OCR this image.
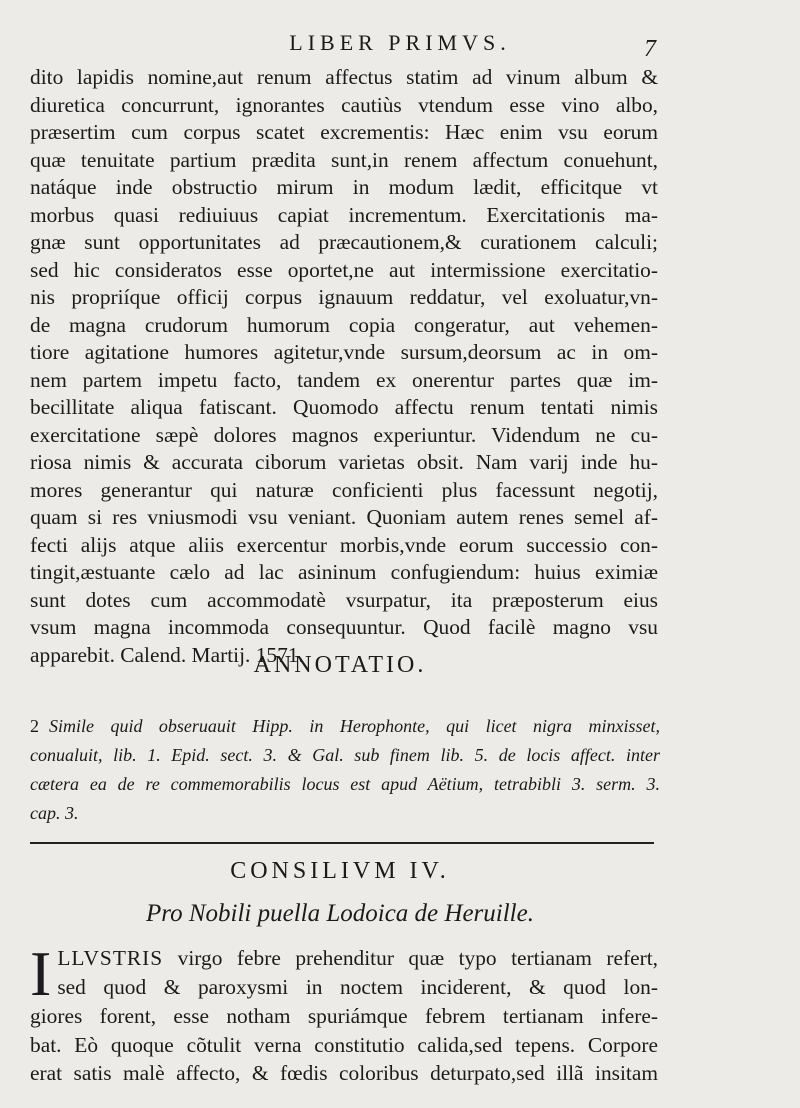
LIBER PRIMVS.	7
dito lapidis nomine,aut renum affectus statim ad vinum album &
diuretica concurrunt, ignorantes cautiùs vtendum esse vino albo,
præsertim cum corpus scatet excrementis: Hæc enim vsu eorum
quæ tenuitate partium prædita sunt,in renem affectum conuehunt,
natáque inde obstructio mirum in modum lædit, efficitque vt
morbus quasi rediuiuus capiat incrementum. Exercitationis ma-
gnæ sunt opportunitates ad præcautionem,& curationem calculi;
sed hic consideratos esse oportet,ne aut intermissione exercitatio-
nis propriíque officij corpus ignauum reddatur, vel exoluatur,vn-
de magna crudorum humorum copia congeratur, aut vehemen-
tiore agitatione humores agitetur,vnde sursum,deorsum ac in om-
nem partem impetu facto, tandem ex onerentur partes quæ im-
becillitate aliqua fatiscant. Quomodo affectu renum tentati nimis
exercitatione sæpè dolores magnos experiuntur. Videndum ne cu-
riosa nimis & accurata ciborum varietas obsit. Nam varij inde hu-
mores generantur qui naturæ conficienti plus facessunt negotij,
quam si res vniusmodi vsu veniant. Quoniam autem renes semel af-
fecti alijs atque aliis exercentur morbis,vnde eorum successio con-
tingit,æstuante cælo ad lac asininum confugiendum: huius eximiæ
sunt dotes cum accommodatè vsurpatur, ita præposterum eius
vsum magna incommoda consequuntur. Quod facilè magno vsu
apparebit. Calend. Martij. 1571.
ANNOTATIO.
2 Simile quid obseruauit Hipp. in Herophonte, qui licet nigra minxisset,
conualuit, lib. 1. Epid. sect. 3. & Gal. sub finem lib. 5. de locis affect. inter
cætera ea de re commemorabilis locus est apud Aëtium, tetrabibli 3. serm. 3.
cap. 3.
CONSILIVM IV.
Pro Nobili puella Lodoica de Heruille.
I LLVSTRIS virgo febre prehenditur quæ typo tertianam refert,
sed quod & paroxysmi in noctem inciderent, & quod lon-
giores forent, esse notham spuriámque febrem tertianam infere-
bat. Eò quoque cõtulit verna constitutio calida,sed tepens. Corpore
erat satis malè affecto, & fœdis coloribus deturpato,sed illã insitam
